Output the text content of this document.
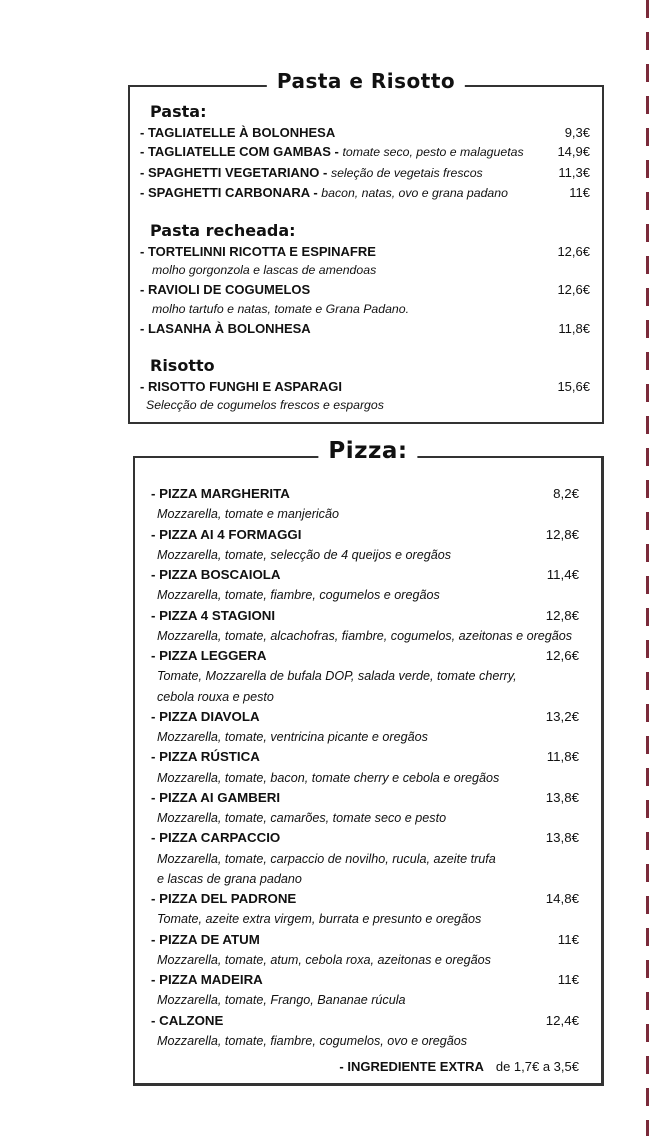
Pasta e Risotto
Pasta:
- TAGLIATELLE À BOLONHESA	9,3€
- TAGLIATELLE COM GAMBAS - tomate seco, pesto e malaguetas	14,9€
- SPAGHETTI VEGETARIANO - seleção de vegetais frescos	11,3€
- SPAGHETTI CARBONARA - bacon, natas, ovo e grana padano	11€
Pasta recheada:
- TORTELINNI RICOTTA E ESPINAFRE	12,6€
molho gorgonzola e lascas de amendoas
- RAVIOLI DE COGUMELOS	12,6€
molho tartufo e natas, tomate e Grana Padano.
- LASANHA À BOLONHESA	11,8€
Risotto
- RISOTTO FUNGHI E ASPARAGI	15,6€
Selecção de cogumelos frescos e espargos
Pizza:
- PIZZA MARGHERITA	8,2€
Mozzarella, tomate e manjericão
- PIZZA AI 4 FORMAGGI	12,8€
Mozzarella, tomate, selecção de 4 queijos e oregãos
- PIZZA BOSCAIOLA	11,4€
Mozzarella, tomate, fiambre, cogumelos e oregãos
- PIZZA 4 STAGIONI	12,8€
Mozzarella, tomate, alcachofras, fiambre, cogumelos, azeitonas e oregãos
- PIZZA LEGGERA	12,6€
Tomate, Mozzarella de bufala DOP, salada verde, tomate cherry,
cebola rouxa e pesto
- PIZZA DIAVOLA	13,2€
Mozzarella, tomate, ventricina picante e oregãos
- PIZZA RÚSTICA	11,8€
Mozzarella, tomate, bacon, tomate cherry e cebola e oregãos
- PIZZA AI GAMBERI	13,8€
Mozzarella, tomate, camarões, tomate seco e pesto
- PIZZA CARPACCIO	13,8€
Mozzarella, tomate, carpaccio de novilho, rucula, azeite trufa
e lascas de grana padano
- PIZZA DEL PADRONE	14,8€
Tomate, azeite extra virgem, burrata e presunto e oregãos
- PIZZA DE ATUM	11€
Mozzarella, tomate, atum, cebola roxa, azeitonas e oregãos
- PIZZA MADEIRA	11€
Mozzarella, tomate, Frango, Bananae rúcula
- CALZONE	12,4€
Mozzarella, tomate, fiambre, cogumelos, ovo e oregãos
- INGREDIENTE EXTRA de 1,7€ a 3,5€
